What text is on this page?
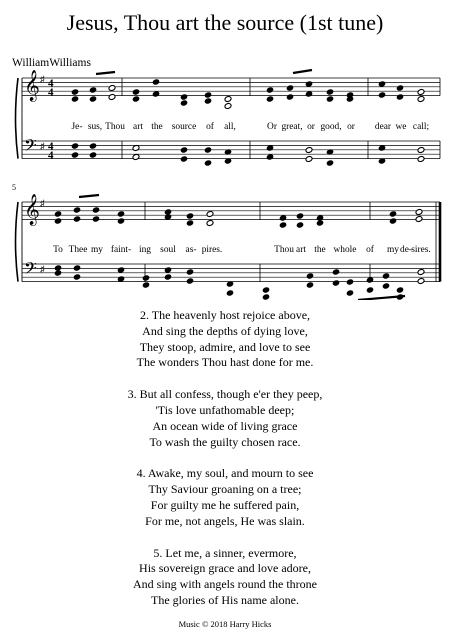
Jesus, Thou art the source (1st tune)
WilliamWilliams
𝄞
𝄢
♯
♯
4
4
4
4
𝄞
𝄢
♯
♯
Je- sus, Thou art the source of all,	Or great, or good, or dear we call;
To Thee my faint- ing soul as- pires.	Thou art the whole of my de- sires.
5
2. The heavenly host rejoice above,
And sing the depths of dying love,
They stoop, admire, and love to see
The wonders Thou hast done for me.
3. But all confess, though e'er they peep,
'Tis love unfathomable deep;
An ocean wide of living grace
To wash the guilty chosen race.
4. Awake, my soul, and mourn to see
Thy Saviour groaning on a tree;
For guilty me he suffered pain,
For me, not angels, He was slain.
5. Let me, a sinner, evermore,
His sovereign grace and love adore,
And sing with angels round the throne
The glories of His name alone.
Music © 2018 Harry Hicks
